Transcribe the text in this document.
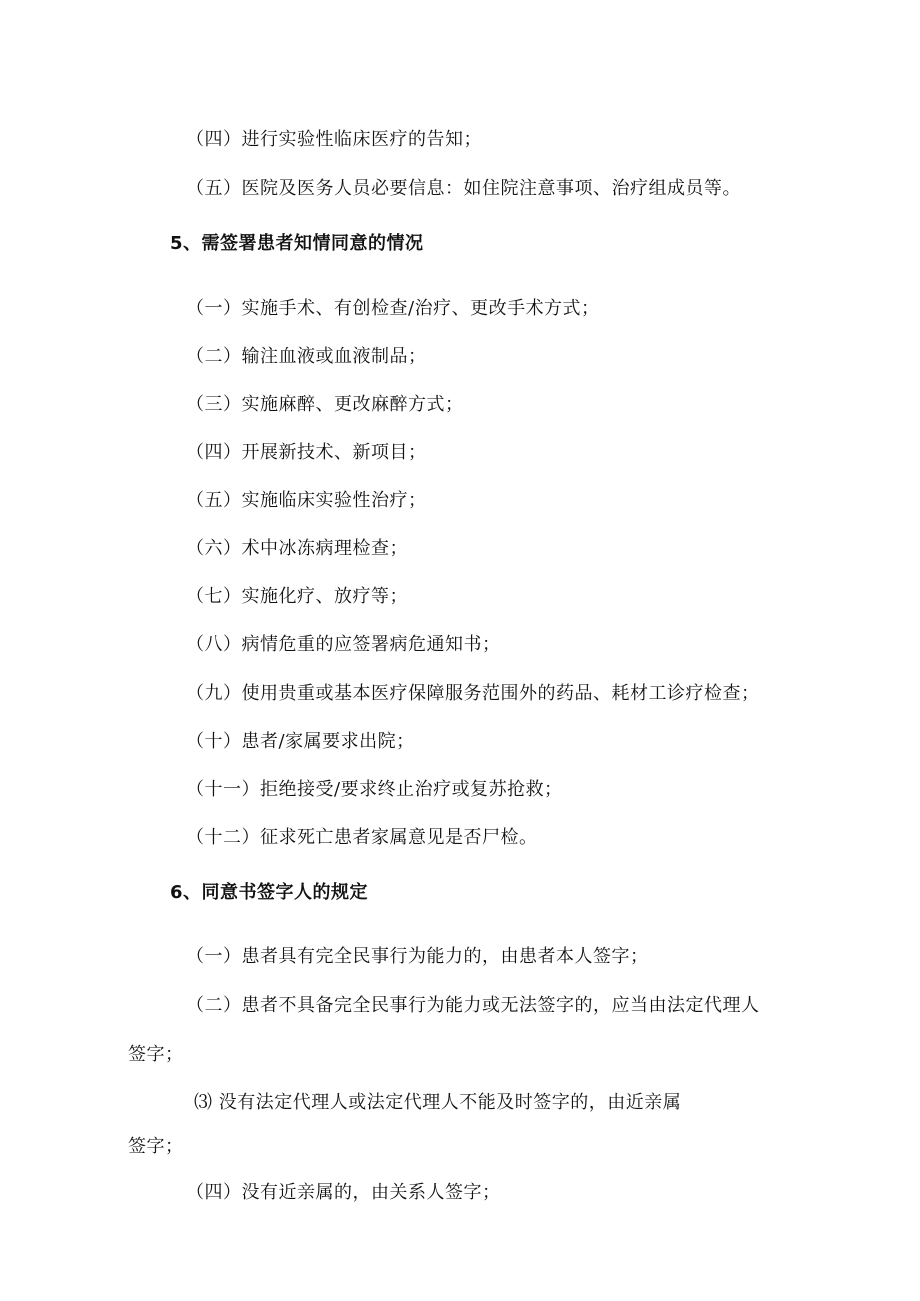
（四）进行实验性临床医疗的告知；
（五）医院及医务人员必要信息：如住院注意事项、治疗组成员等。
5、需签署患者知情同意的情况
（一）实施手术、有创检查/治疗、更改手术方式；
（二）输注血液或血液制品；
（三）实施麻醉、更改麻醉方式；
（四）开展新技术、新项目；
（五）实施临床实验性治疗；
（六）术中冰冻病理检查；
（七）实施化疗、放疗等；
（八）病情危重的应签署病危通知书；
（九）使用贵重或基本医疗保障服务范围外的药品、耗材工诊疗检查；
（十）患者/家属要求出院；
（十一）拒绝接受/要求终止治疗或复苏抢救；
（十二）征求死亡患者家属意见是否尸检。
6、同意书签字人的规定
（一）患者具有完全民事行为能力的，由患者本人签字；
（二）患者不具备完全民事行为能力或无法签字的，应当由法定代理人
签字；
⑶ 没有法定代理人或法定代理人不能及时签字的，由近亲属
签字；
（四）没有近亲属的，由关系人签字；
